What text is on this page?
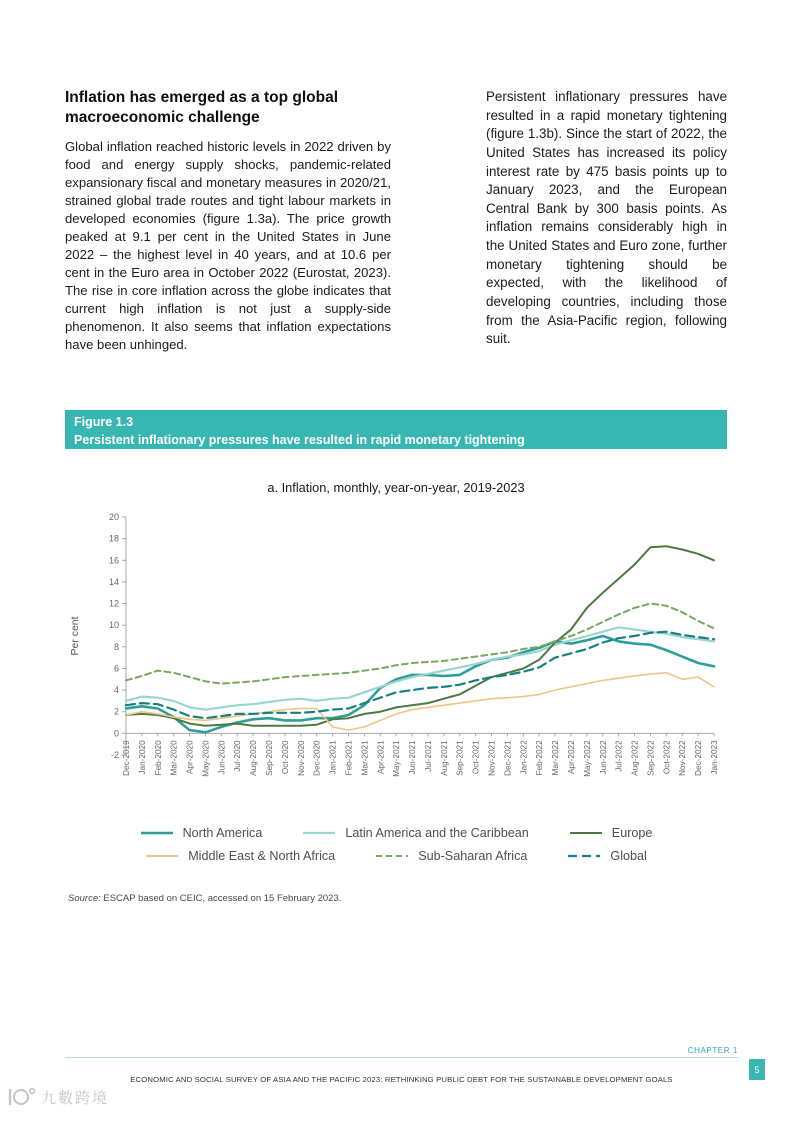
Inflation has emerged as a top global macroeconomic challenge

Global inflation reached historic levels in 2022 driven by food and energy supply shocks, pandemic-related expansionary fiscal and monetary measures in 2020/21, strained global trade routes and tight labour markets in developed economies (figure 1.3a). The price growth peaked at 9.1 per cent in the United States in June 2022 – the highest level in 40 years, and at 10.6 per cent in the Euro area in October 2022 (Eurostat, 2023). The rise in core inflation across the globe indicates that current high inflation is not just a supply-side phenomenon. It also seems that inflation expectations have been unhinged.

Persistent inflationary pressures have resulted in a rapid monetary tightening (figure 1.3b). Since the start of 2022, the United States has increased its policy interest rate by 475 basis points up to January 2023, and the European Central Bank by 300 basis points. As inflation remains considerably high in the United States and Euro zone, further monetary tightening should be expected, with the likelihood of developing countries, including those from the Asia-Pacific region, following suit.

Figure 1.3
Persistent inflationary pressures have resulted in rapid monetary tightening
a. Inflation, monthly, year-on-year, 2019-2023
20
18
16
14
12
10
8
6
4
2
0
-2 Dec-2019 Jan-2020 Feb-2020 Mar-2020 Apr-2020 May-2020 Jun-2020 Jul-2020 Aug-2020 Sep-2020 Oct-2020 Nov-2020 Dec-2020 Jan-2021 Feb-2021 Mar-2021 Apr-2021 May-2021 Jun-2021 Jul-2021 Aug-2021 Sep-2021 Oct-2021 Nov-2021 Dec-2021 Jan-2022 Feb-2022 Mar-2022 Apr-2022 May-2022 Jun-2022 Jul-2022 Aug-2022 Sep-2022 Oct-2022 Nov-2022 Dec-2022 Jan-2023
Per cent
North America	Latin America and the Caribbean	Europe
Middle East & North Africa	Sub-Saharan Africa	Global
Source: ESCAP based on CEIC, accessed on 15 February 2023.
CHAPTER 1
5
ECONOMIC AND SOCIAL SURVEY OF ASIA AND THE PACIFIC 2023: RETHINKING PUBLIC DEBT FOR THE SUSTAINABLE DEVELOPMENT GOALS
九數跨境
